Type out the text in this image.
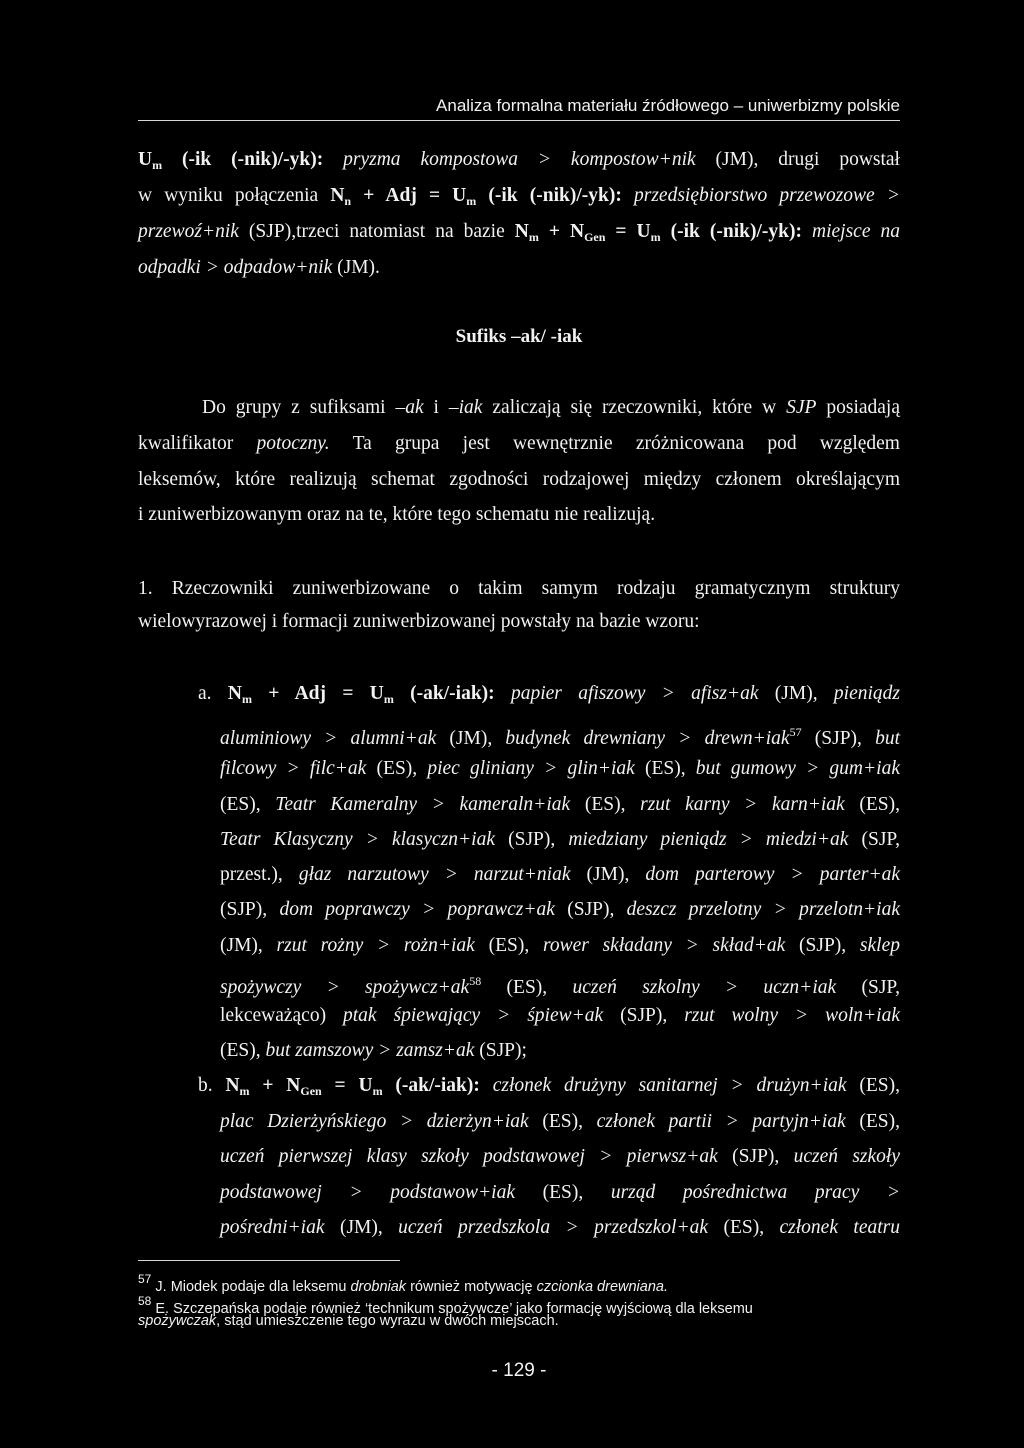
Analiza formalna materiału źródłowego – uniwerbizmy polskie
$U_m$ (-ik (-nik)/-yk): pryzma kompostowa > kompostow+nik (JM), drugi powstał
w wyniku połączenia $N_n$ + Adj = $U_m$ (-ik (-nik)/-yk): przedsiębiorstwo przewozowe >
przewoź+nik (SJP),trzeci natomiast na bazie $N_m + N_{Gen} = U_m$ (-ik (-nik)/-yk): miejsce na
odpadki > odpadow+nik (JM).
Sufiks –ak/ -iak
Do grupy z sufiksami –ak i –iak zaliczają się rzeczowniki, które w SJP posiadają
kwalifikator potoczny. Ta grupa jest wewnętrznie zróżnicowana pod względem
leksemów, które realizują schemat zgodności rodzajowej między członem określającym
i zuniwerbizowanym oraz na te, które tego schematu nie realizują.
1. Rzeczowniki zuniwerbizowane o takim samym rodzaju gramatycznym struktury
wielowyrazowej i formacji zuniwerbizowanej powstały na bazie wzoru:
a. $N_m$ + Adj = $U_m$ (-ak/-iak): papier afiszowy > afisz+ak (JM), pieniądz
aluminiowy > alumni+ak (JM), budynek drewniany > drewn+iak$^{57}$ (SJP), but
filcowy > filc+ak (ES), piec gliniany > glin+iak (ES), but gumowy > gum+iak
(ES), Teatr Kameralny > kameraln+iak (ES), rzut karny > karn+iak (ES),
Teatr Klasyczny > klasyczn+iak (SJP), miedziany pieniądz > miedzi+ak (SJP,
przest.), głaz narzutowy > narzut+niak (JM), dom parterowy > parter+ak
(SJP), dom poprawczy > poprawcz+ak (SJP), deszcz przelotny > przelotn+iak
(JM), rzut rożny > rożn+iak (ES), rower składany > skład+ak (SJP), sklep
spożywczy > $spożywcz+ak^{58}$ (ES), uczeń szkolny > uczn+iak (SJP,
lekceważąco) ptak śpiewający > śpiew+ak (SJP), rzut wolny > woln+iak
(ES), but zamszowy > zamsz+ak (SJP);
b. $N_m + N_{Gen} = U_m$ (-ak/-iak): członek drużyny sanitarnej > drużyn+iak (ES),
plac Dzierżyńskiego > dzierżyn+iak (ES), członek partii > partyjn+iak (ES),
uczeń pierwszej klasy szkoły podstawowej > pierwsz+ak (SJP), uczeń szkoły
podstawowej > podstawow+iak (ES), urząd pośrednictwa pracy >
pośredni+iak (JM), uczeń przedszkola > przedszkol+ak (ES), członek teatru
$^{57}$ J. Miodek podaje dla leksemu drobniak również motywację czcionka drewniana.
$^{58}$ E. Szczepańska podaje również ‘technikum spożywcze’ jako formację wyjściową dla leksemu
spożywczak, stąd umieszczenie tego wyrazu w dwóch miejscach.
- 129 -
